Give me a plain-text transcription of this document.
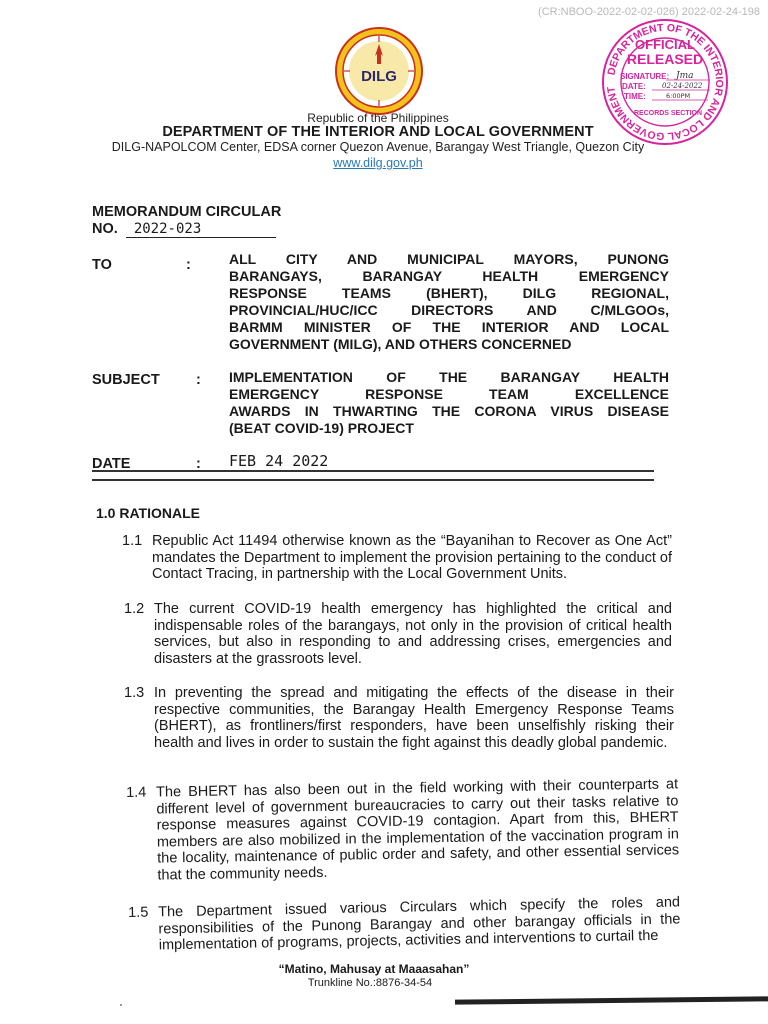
(CR:NBOO-2022-02-02-026) 2022-02-24-198
DILG	DEPARTMENT OF THE INTERIOR AND LOCAL GOVERNMENT
OFFICIAL
RELEASED
SIGNATURE: Jma
DATE: 02-24-2022
TIME:	6:00PM
RECORDS SECTION
Republic of the Philippines
DEPARTMENT OF THE INTERIOR AND LOCAL GOVERNMENT
DILG-NAPOLCOM Center, EDSA corner Quezon Avenue, Barangay West Triangle, Quezon City
www.dilg.gov.ph
MEMORANDUM CIRCULAR
NO. 2022-023
TO	:	ALL CITY AND MUNICIPAL MAYORS, PUNONG
BARANGAYS, BARANGAY HEALTH EMERGENCY
RESPONSE TEAMS (BHERT), DILG REGIONAL,
PROVINCIAL/HUC/ICC DIRECTORS AND C/MLGOOs,
BARMM MINISTER OF THE INTERIOR AND LOCAL
GOVERNMENT (MILG), AND OTHERS CONCERNED
SUBJECT	: IMPLEMENTATION OF THE BARANGAY HEALTH
EMERGENCY RESPONSE TEAM EXCELLENCE
AWARDS IN THWARTING THE CORONA VIRUS DISEASE
(BEAT COVID-19) PROJECT
DATE	: FEB 24 2022
1.0 RATIONALE
1.1 Republic Act 11494 otherwise known as the “Bayanihan to Recover as One Act” mandates the Department to implement the provision pertaining to the conduct of Contact Tracing, in partnership with the Local Government Units.
1.2 The current COVID-19 health emergency has highlighted the critical and indispensable roles of the barangays, not only in the provision of critical health services, but also in responding to and addressing crises, emergencies and disasters at the grassroots level.
1.3 In preventing the spread and mitigating the effects of the disease in their respective communities, the Barangay Health Emergency Response Teams (BHERT), as frontliners/first responders, have been unselfishly risking their health and lives in order to sustain the fight against this deadly global pandemic.
1.4 The BHERT has also been out in the field working with their counterparts at different level of government bureaucracies to carry out their tasks relative to response measures against COVID-19 contagion. Apart from this, BHERT members are also mobilized in the implementation of the vaccination program in the locality, maintenance of public order and safety, and other essential services that the community needs.
1.5 The Department issued various Circulars which specify the roles and responsibilities of the Punong Barangay and other barangay officials in the implementation of programs, projects, activities and interventions to curtail the
“Matino, Mahusay at Maaasahan”
Trunkline No.:8876-34-54
